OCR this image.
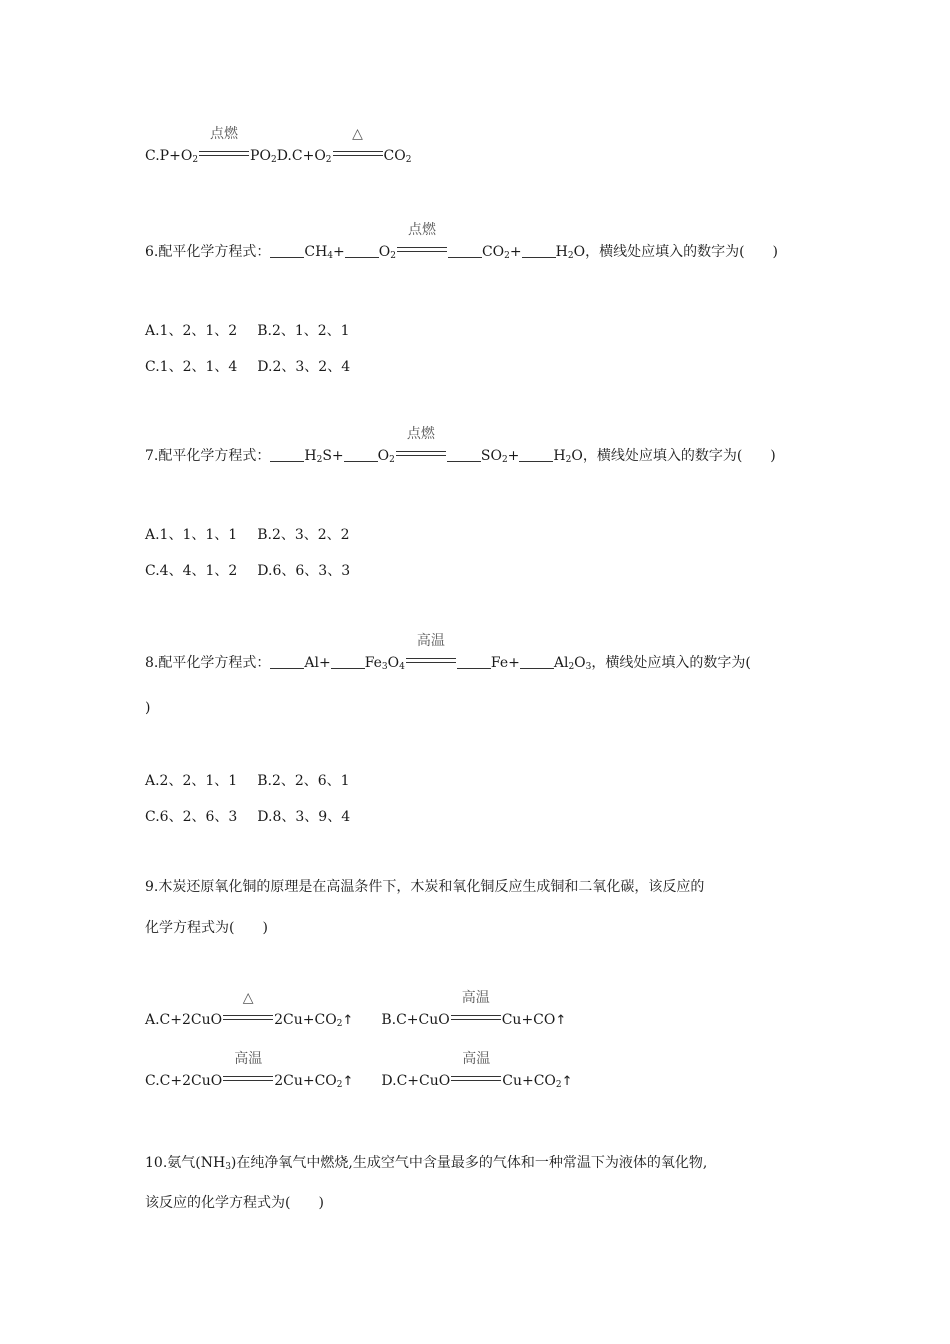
$C.P+O_2$
点燃
$PO_2D.C+O_2$
△
$CO_2$
6.配平化学方程式： $CH_4+ O_2$
点燃
$CO_2+ H_2O$，横线处应填入的数字为(　　)
A.1、2、1、2 B.2、1、2、1
C.1、2、1、4 D.2、3、2、4
7.配平化学方程式： $H_2S+ O_2$
点燃
$SO_2+ H_2O$，横线处应填入的数字为(　　)
A.1、1、1、1 B.2、3、2、2
C.4、4、1、2 D.6、6、3、3
8.配平化学方程式： $Al+ Fe_3O_4$
高温
$Fe+ Al_2O_3$，横线处应填入的数字为(
)
A.2、2、1、1 B.2、2、6、1
C.6、2、6、3 D.8、3、9、4
9.木炭还原氧化铜的原理是在高温条件下，木炭和氧化铜反应生成铜和二氧化碳，该反应的
化学方程式为(　　)
A.C+2CuO
△
$2Cu+CO_2↑$ B.C+CuO
高温
Cu+CO↑
C.C+2CuO
高温
$2Cu+CO_2↑$ D.C+CuO
高温
$Cu+CO_2↑$
10.氨气$(NH_3)$在纯净氧气中燃烧,生成空气中含量最多的气体和一种常温下为液体的氧化物,
该反应的化学方程式为(　　)
